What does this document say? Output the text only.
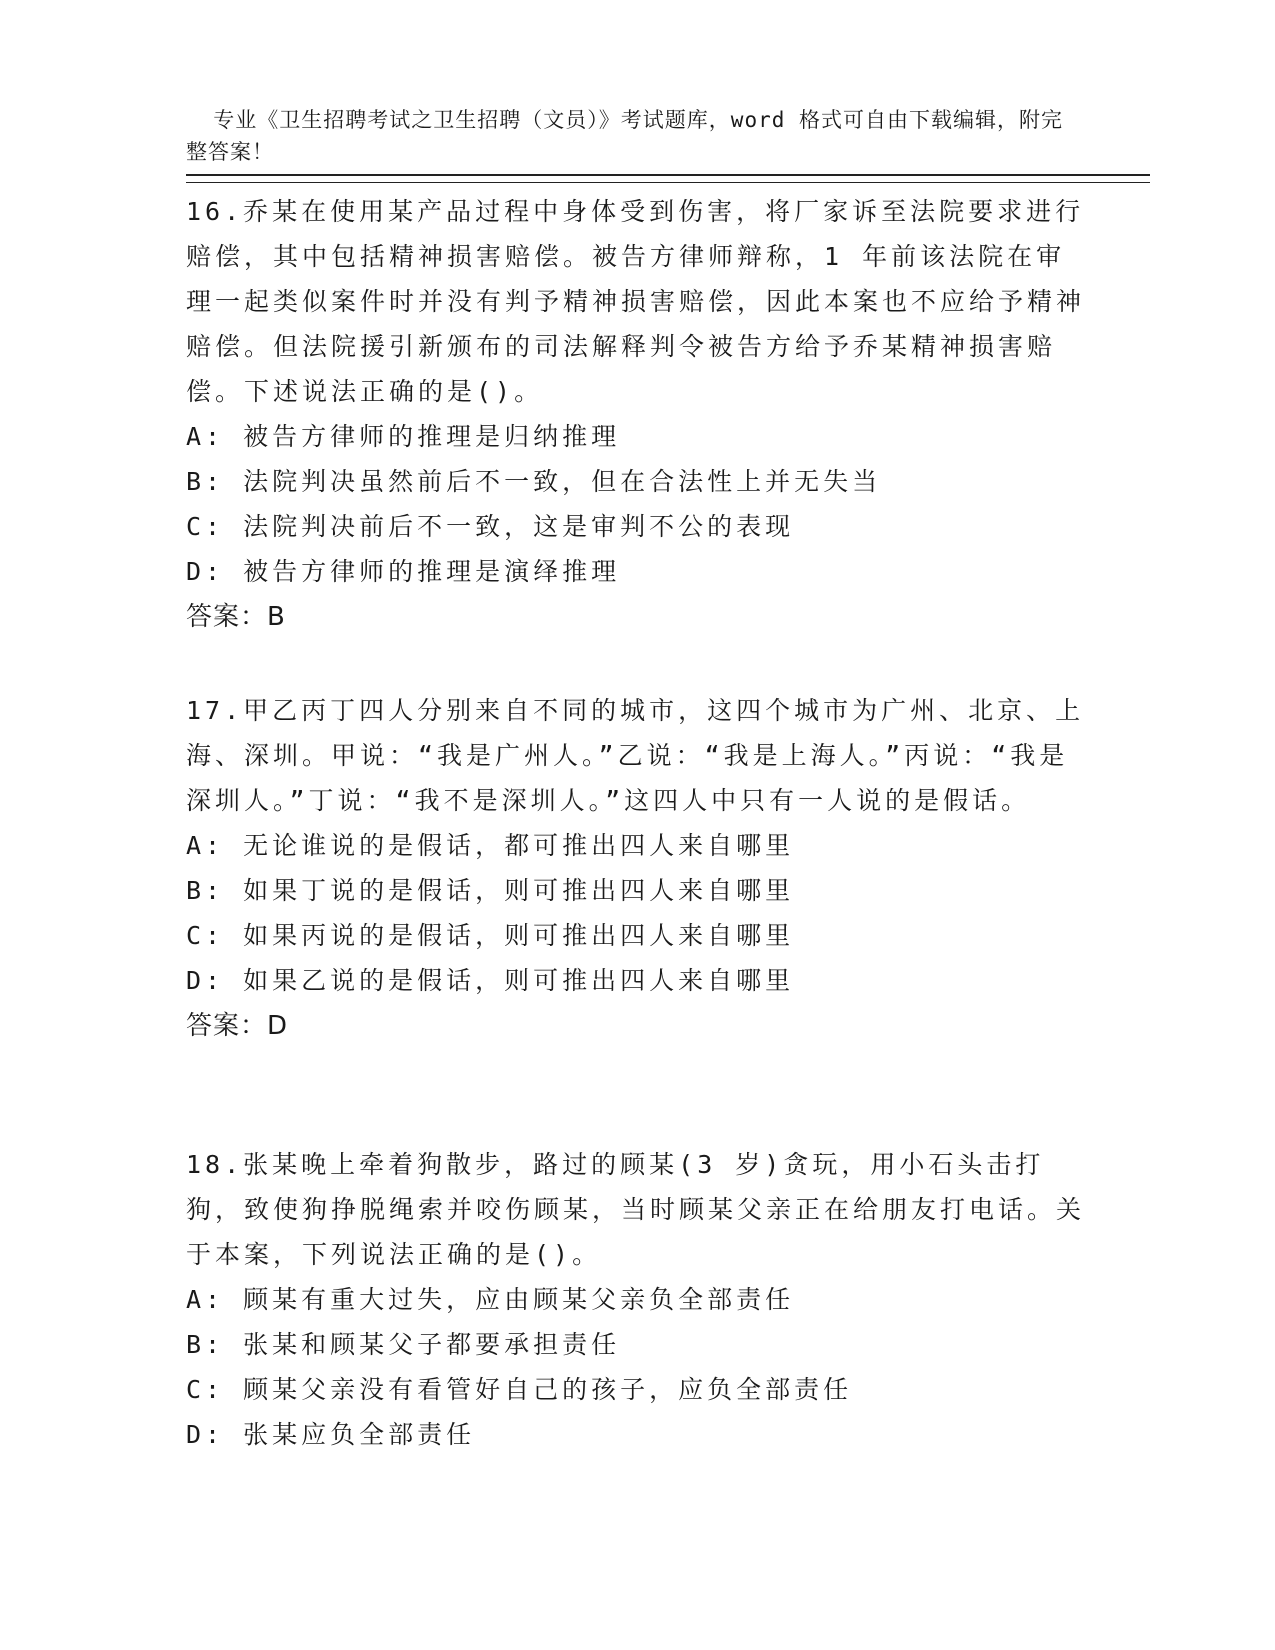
专业《卫生招聘考试之卫生招聘（文员）》考试题库，word 格式可自由下载编辑，附完整答案！

16.乔某在使用某产品过程中身体受到伤害，将厂家诉至法院要求进行赔偿，其中包括精神损害赔偿。被告方律师辩称，1 年前该法院在审理一起类似案件时并没有判予精神损害赔偿，因此本案也不应给予精神赔偿。但法院援引新颁布的司法解释判令被告方给予乔某精神损害赔偿。下述说法正确的是()。

A: 被告方律师的推理是归纳推理

B: 法院判决虽然前后不一致，但在合法性上并无失当

C: 法院判决前后不一致，这是审判不公的表现

D: 被告方律师的推理是演绎推理

答案：B

17.甲乙丙丁四人分别来自不同的城市，这四个城市为广州、北京、上海、深圳。甲说：“我是广州人。”乙说：“我是上海人。”丙说：“我是深圳人。”丁说：“我不是深圳人。”这四人中只有一人说的是假话。

A: 无论谁说的是假话，都可推出四人来自哪里

B: 如果丁说的是假话，则可推出四人来自哪里

C: 如果丙说的是假话，则可推出四人来自哪里

D: 如果乙说的是假话，则可推出四人来自哪里

答案：D

18.张某晚上牵着狗散步，路过的顾某(3 岁)贪玩，用小石头击打狗，致使狗挣脱绳索并咬伤顾某，当时顾某父亲正在给朋友打电话。关于本案，下列说法正确的是()。

A: 顾某有重大过失，应由顾某父亲负全部责任

B: 张某和顾某父子都要承担责任

C: 顾某父亲没有看管好自己的孩子，应负全部责任

D: 张某应负全部责任
